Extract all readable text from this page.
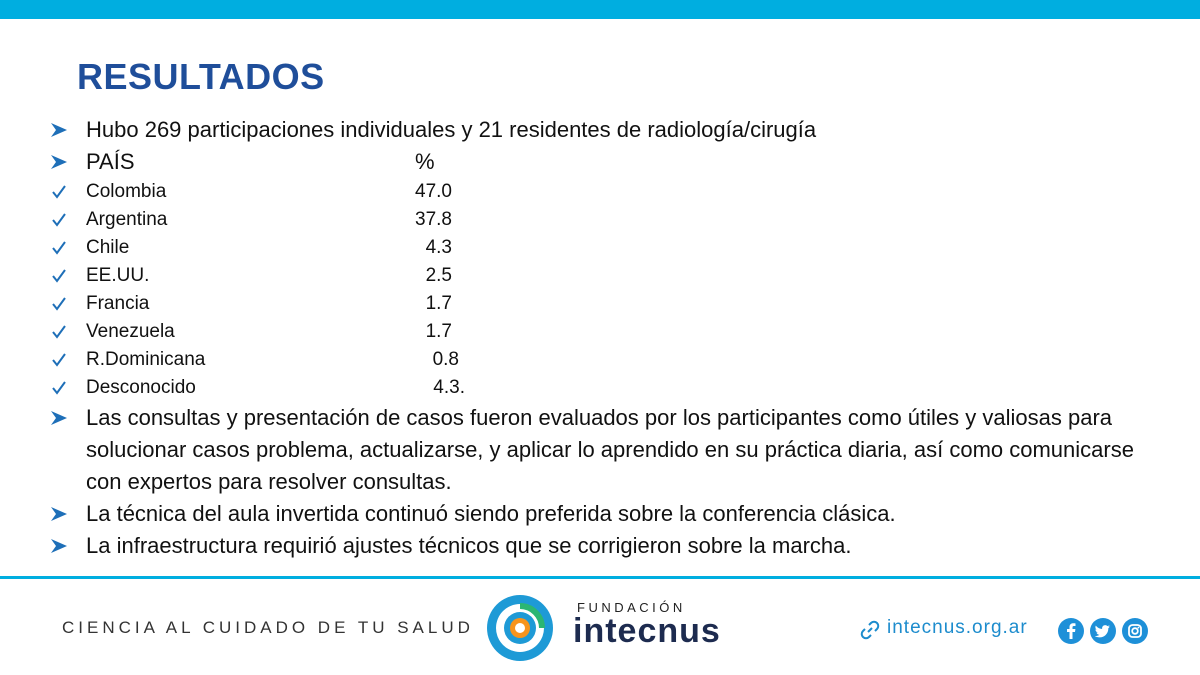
RESULTADOS
Hubo 269 participaciones individuales y 21 residentes de radiología/cirugía
PAÍS	%
Colombia	47.0
Argentina	37.8
Chile	4.3
EE.UU.	2.5
Francia	1.7
Venezuela	1.7
R.Dominicana	0.8
Desconocido	4.3.
Las consultas y presentación de casos fueron evaluados por los participantes como útiles y valiosas para solucionar casos problema, actualizarse, y aplicar lo aprendido en su práctica diaria, así como comunicarse con expertos para resolver consultas.
La técnica del aula invertida continuó siendo preferida sobre la conferencia clásica.
La infraestructura requirió ajustes técnicos que se corrigieron sobre la marcha.
CIENCIA AL CUIDADO DE TU SALUD
FUNDACIÓN
intecnus	intecnus.org.ar
